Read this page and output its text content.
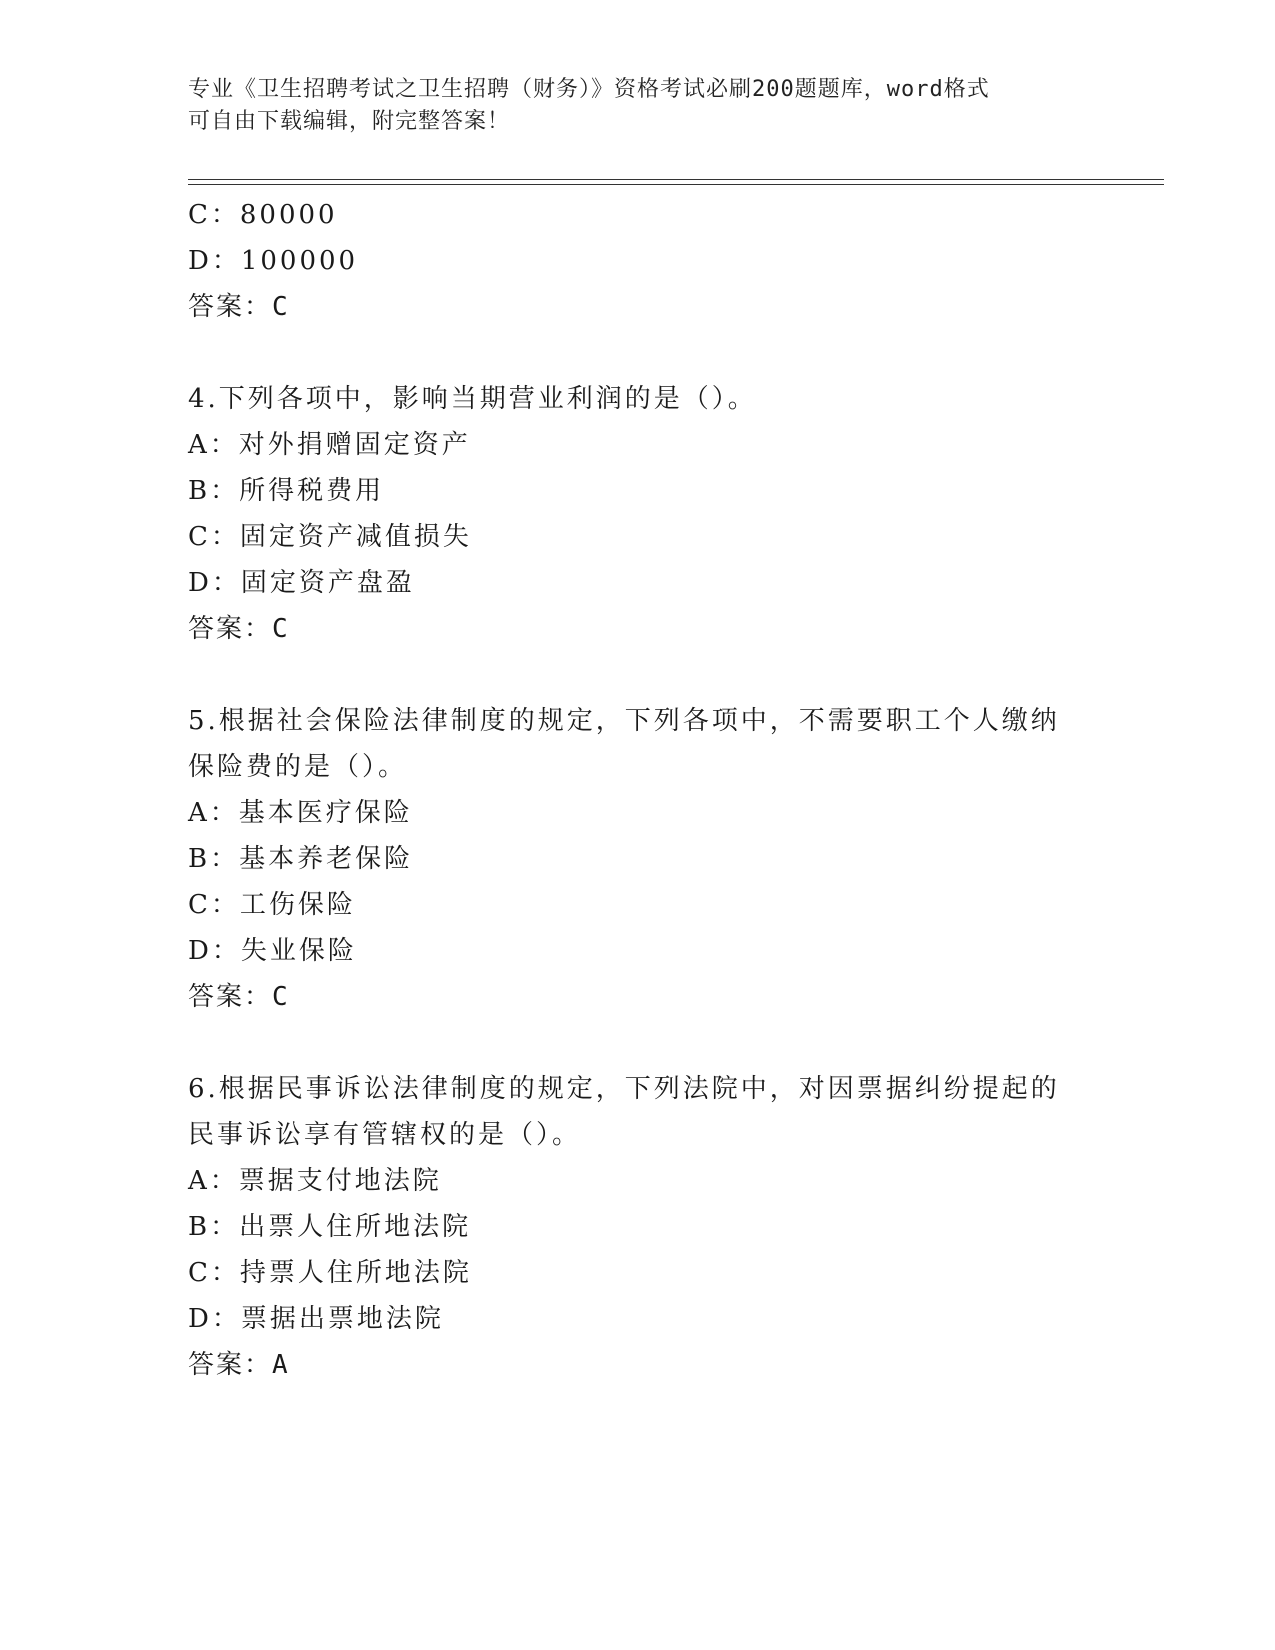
专业《卫生招聘考试之卫生招聘（财务）》资格考试必刷200题题库，word格式
可自由下载编辑，附完整答案！
C：80000
D：100000
答案：C
4.下列各项中，影响当期营业利润的是（）。
A：对外捐赠固定资产
B：所得税费用
C：固定资产减值损失
D：固定资产盘盈
答案：C
5.根据社会保险法律制度的规定，下列各项中，不需要职工个人缴纳
保险费的是（）。
A：基本医疗保险
B：基本养老保险
C：工伤保险
D：失业保险
答案：C
6.根据民事诉讼法律制度的规定，下列法院中，对因票据纠纷提起的
民事诉讼享有管辖权的是（）。
A：票据支付地法院
B：出票人住所地法院
C：持票人住所地法院
D：票据出票地法院
答案：A
